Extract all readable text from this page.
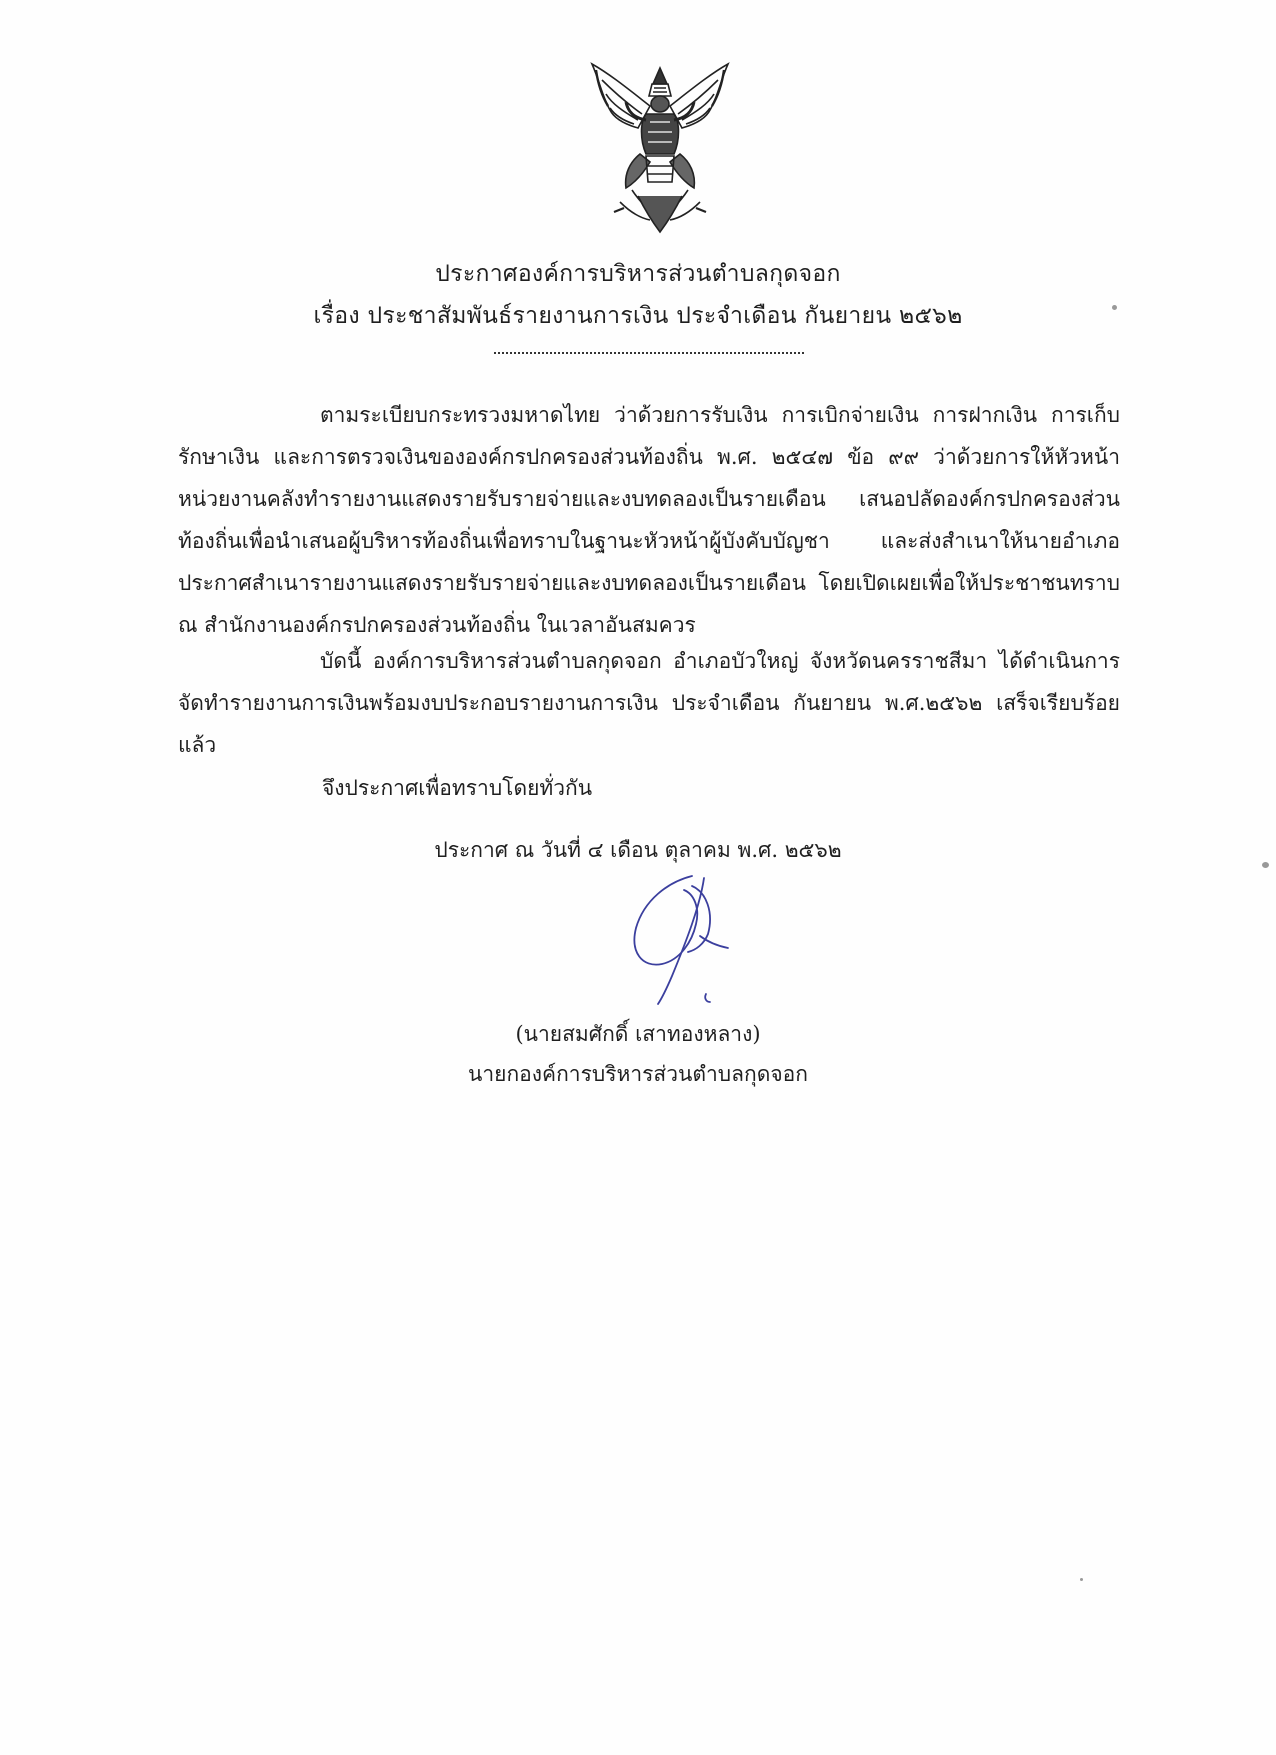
ประกาศองค์การบริหารส่วนตำบลกุดจอก
เรื่อง ประชาสัมพันธ์รายงานการเงิน ประจำเดือน กันยายน ๒๕๖๒

ตามระเบียบกระทรวงมหาดไทย ว่าด้วยการรับเงิน การเบิกจ่ายเงิน การฝากเงิน การเก็บรักษาเงิน และการตรวจเงินขององค์กรปกครองส่วนท้องถิ่น พ.ศ. ๒๕๔๗ ข้อ ๙๙ ว่าด้วยการให้หัวหน้าหน่วยงานคลังทำรายงานแสดงรายรับรายจ่ายและงบทดลองเป็นรายเดือน เสนอปลัดองค์กรปกครองส่วนท้องถิ่นเพื่อนำเสนอผู้บริหารท้องถิ่นเพื่อทราบในฐานะหัวหน้าผู้บังคับบัญชา และส่งสำเนาให้นายอำเภอประกาศสำเนารายงานแสดงรายรับรายจ่ายและงบทดลองเป็นรายเดือน โดยเปิดเผยเพื่อให้ประชาชนทราบ ณ สำนักงานองค์กรปกครองส่วนท้องถิ่น ในเวลาอันสมควร

บัดนี้ องค์การบริหารส่วนตำบลกุดจอก อำเภอบัวใหญ่ จังหวัดนครราชสีมา ได้ดำเนินการจัดทำรายงานการเงินพร้อมงบประกอบรายงานการเงิน ประจำเดือน กันยายน พ.ศ.๒๕๖๒ เสร็จเรียบร้อยแล้ว

จึงประกาศเพื่อทราบโดยทั่วกัน
ประกาศ ณ วันที่ ๔ เดือน ตุลาคม พ.ศ. ๒๕๖๒
(นายสมศักดิ์ เสาทองหลาง)
นายกองค์การบริหารส่วนตำบลกุดจอก
